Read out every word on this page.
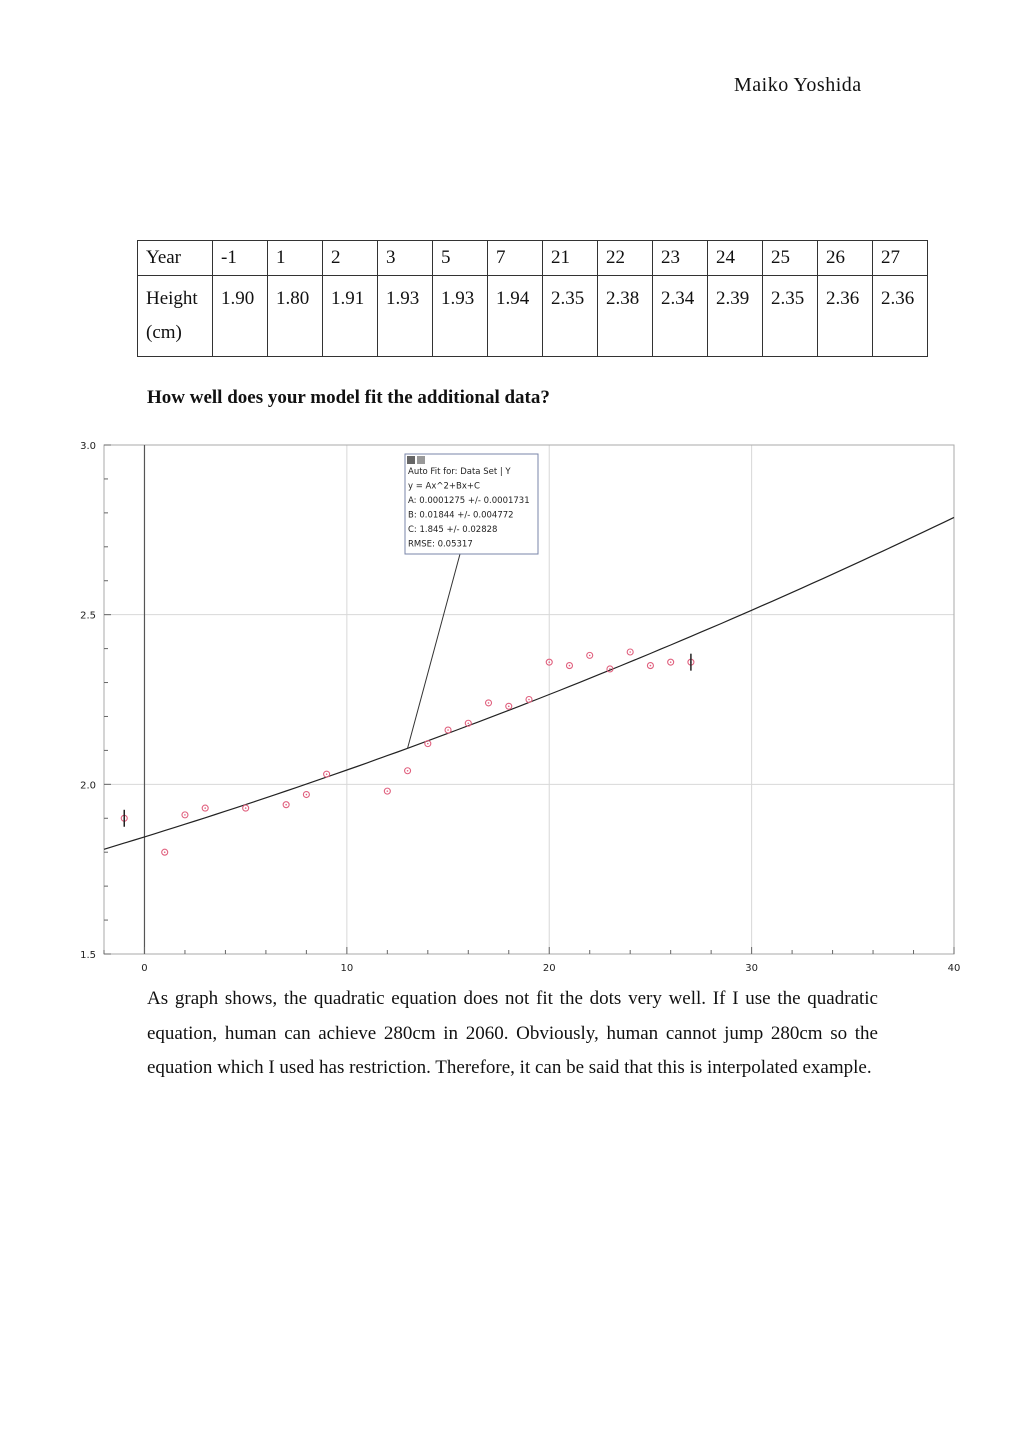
Maiko Yoshida
Year	-1	1	2	3	5	7	21	22	23	24	25	26	27
Height (cm)	1.90	1.80	1.91	1.93	1.93	1.94	2.35	2.38	2.34	2.39	2.35	2.36	2.36
How well does your model fit the additional data?
0	10	20	30	40
1.5
2.0
2.5
3.0
Auto Fit for: Data Set | Y
y = Ax^2+Bx+C
A: 0.0001275 +/- 0.0001731
B: 0.01844 +/- 0.004772
C: 1.845 +/- 0.02828
RMSE: 0.05317

As graph shows, the quadratic equation does not fit the dots very well. If I use the quadratic equation, human can achieve 280cm in 2060. Obviously, human cannot jump 280cm so the equation which I used has restriction. Therefore, it can be said that this is interpolated example.
